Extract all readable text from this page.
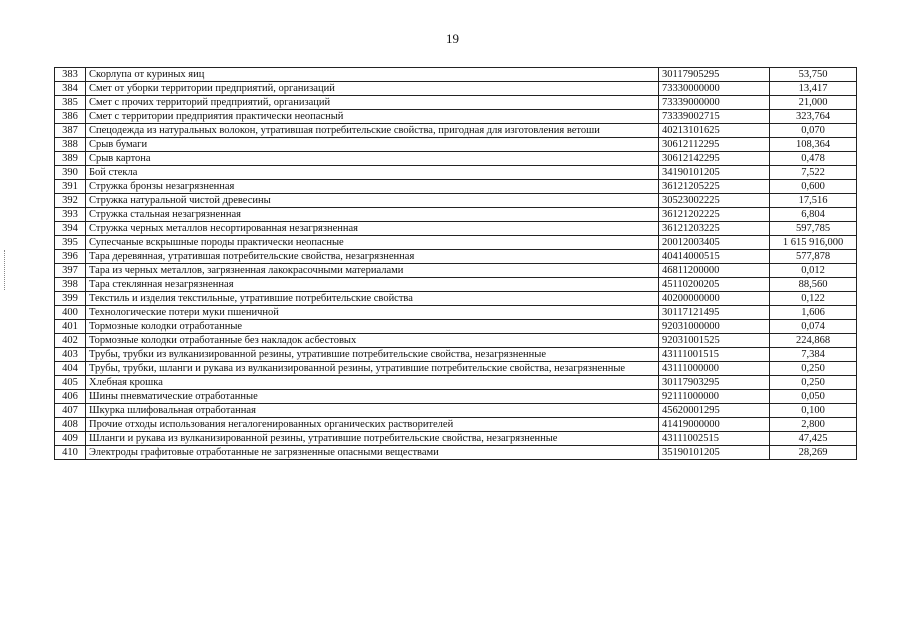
19
383	Скорлупа от куриных яиц	30117905295	53,750
384	Смет от уборки территории предприятий, организаций	73330000000	13,417
385	Смет с прочих территорий предприятий, организаций	73339000000	21,000
386	Смет с территории предприятия практически неопасный	73339002715	323,764
387	Спецодежда из натуральных волокон, утратившая потребительские свойства, пригодная для изготовления ветоши	40213101625	0,070
388	Срыв бумаги	30612112295	108,364
389	Срыв картона	30612142295	0,478
390	Бой стекла	34190101205	7,522
391	Стружка бронзы незагрязненная	36121205225	0,600
392	Стружка натуральной чистой древесины	30523002225	17,516
393	Стружка стальная незагрязненная	36121202225	6,804
394	Стружка черных металлов несортированная незагрязненная	36121203225	597,785
395	Супесчаные вскрышные породы практически неопасные	20012003405	1 615 916,000
396	Тара деревянная, утратившая потребительские свойства, незагрязненная	40414000515	577,878
397	Тара из черных металлов, загрязненная лакокрасочными материалами	46811200000	0,012
398	Тара стеклянная незагрязненная	45110200205	88,560
399	Текстиль и изделия текстильные, утратившие потребительские свойства	40200000000	0,122
400	Технологические потери муки пшеничной	30117121495	1,606
401	Тормозные колодки отработанные	92031000000	0,074
402	Тормозные колодки отработанные без накладок асбестовых	92031001525	224,868
403	Трубы, трубки из вулканизированной резины, утратившие потребительские свойства, незагрязненные	43111001515	7,384
404	Трубы, трубки, шланги и рукава из вулканизированной резины, утратившие потребительские свойства, незагрязненные	43111000000	0,250
405	Хлебная крошка	30117903295	0,250
406	Шины пневматические отработанные	92111000000	0,050
407	Шкурка шлифовальная отработанная	45620001295	0,100
408	Прочие отходы использования негалогенированных органических растворителей	41419000000	2,800
409	Шланги и рукава из вулканизированной резины, утратившие потребительские свойства, незагрязненные	43111002515	47,425
410	Электроды графитовые отработанные не загрязненные опасными веществами	35190101205	28,269
